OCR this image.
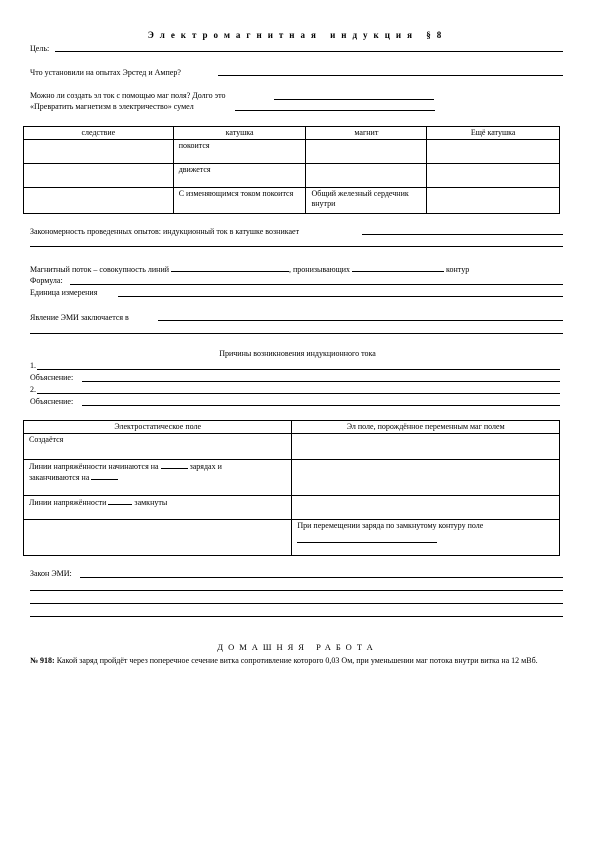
Электромагнитная индукция §8
Цель:
Что установили на опытах Эрстед и Ампер?
Можно ли создать эл ток с помощью маг поля? Долго это
«Превратить магнетизм в электричество» сумел
следствие	катушка	магнит	Ещё катушка
	покоится		
	движется		
	С изменяющимся током покоится	Общий железный сердечник внутри	
Закономерность проведенных опытов: индукционный ток в катушке возникает
Магнитный поток – совокупность линий	, пронизывающих	контур
Формула:
Единица измерения
Явление ЭМИ заключается в
Причины возникновения индукционного тока
1.
Объяснение:
2.
Объяснение:
Электростатическое поле	Эл поле, порождённое переменным маг полем
Создаётся	
Линии напряжённости начинаются на зарядах и
заканчиваются на	
Линии напряжённости замкнуты	
	При перемещении заряда по замкнутому контуру поле

Закон ЭМИ:
ДОМАШНЯЯ РАБОТА
№ 918: Какой заряд пройдёт через поперечное сечение витка сопротивление которого 0,03 Ом, при уменьшении маг потока внутри витка на 12 мВб.
